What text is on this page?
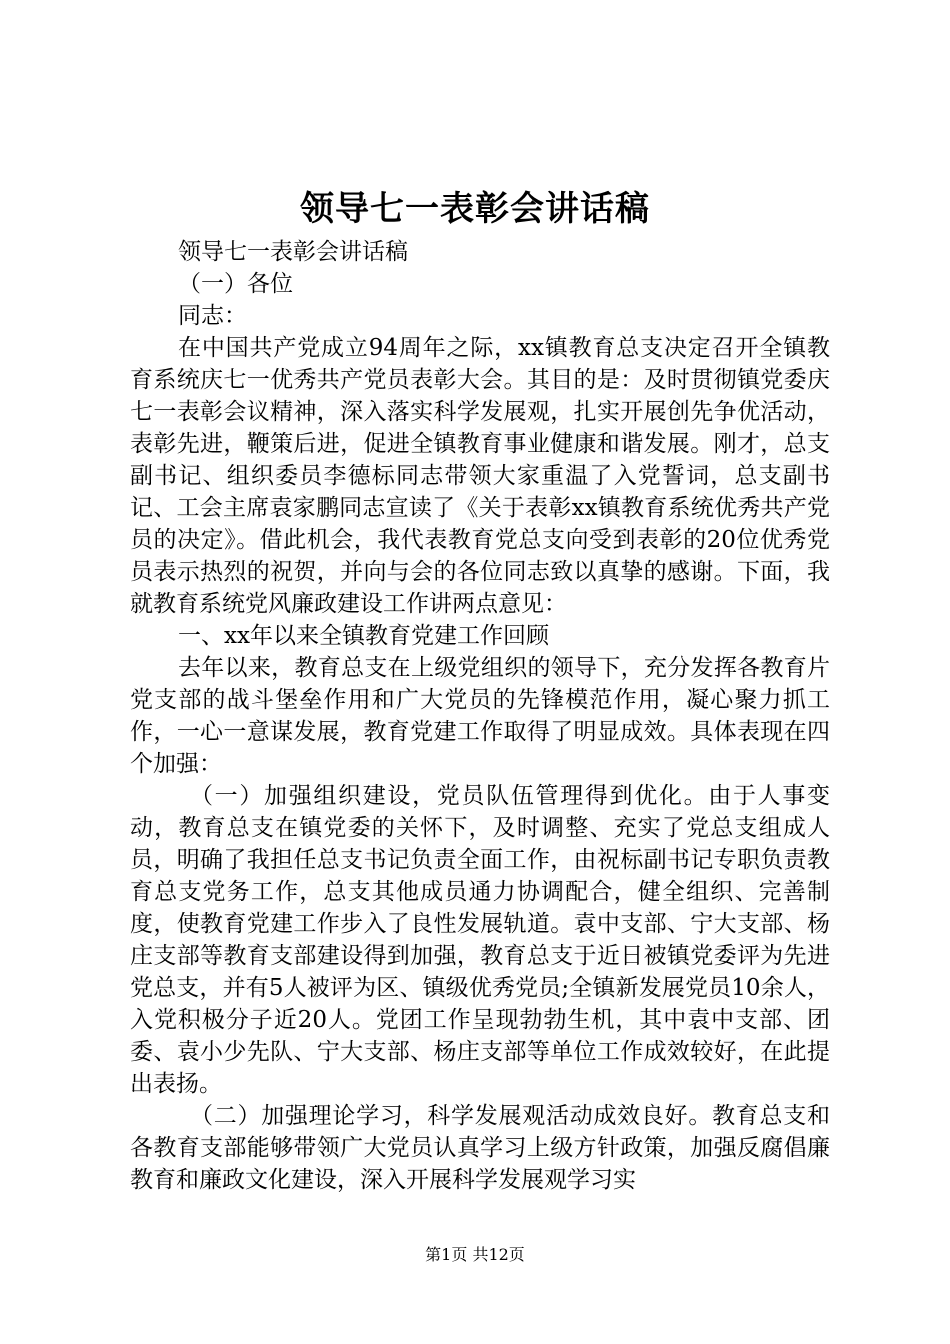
领导七一表彰会讲话稿

领导七一表彰会讲话稿

（一）各位

同志：

在中国共产党成立94周年之际，xx镇教育总支决定召开全镇教育系统庆七一优秀共产党员表彰大会。其目的是：及时贯彻镇党委庆七一表彰会议精神，深入落实科学发展观，扎实开展创先争优活动，表彰先进，鞭策后进，促进全镇教育事业健康和谐发展。刚才，总支副书记、组织委员李德标同志带领大家重温了入党誓词，总支副书记、工会主席袁家鹏同志宣读了《关于表彰xx镇教育系统优秀共产党员的决定》。借此机会，我代表教育党总支向受到表彰的20位优秀党员表示热烈的祝贺，并向与会的各位同志致以真挚的感谢。下面，我就教育系统党风廉政建设工作讲两点意见：

一、xx年以来全镇教育党建工作回顾

去年以来，教育总支在上级党组织的领导下，充分发挥各教育片党支部的战斗堡垒作用和广大党员的先锋模范作用，凝心聚力抓工作，一心一意谋发展，教育党建工作取得了明显成效。具体表现在四个加强：

（一）加强组织建设，党员队伍管理得到优化。由于人事变动，教育总支在镇党委的关怀下，及时调整、充实了党总支组成人员，明确了我担任总支书记负责全面工作，由祝标副书记专职负责教育总支党务工作，总支其他成员通力协调配合，健全组织、完善制度，使教育党建工作步入了良性发展轨道。袁中支部、宁大支部、杨庄支部等教育支部建设得到加强，教育总支于近日被镇党委评为先进党总支，并有5人被评为区、镇级优秀党员;全镇新发展党员10余人，入党积极分子近20人。党团工作呈现勃勃生机，其中袁中支部、团委、袁小少先队、宁大支部、杨庄支部等单位工作成效较好，在此提出表扬。

（二）加强理论学习，科学发展观活动成效良好。教育总支和各教育支部能够带领广大党员认真学习上级方针政策，加强反腐倡廉教育和廉政文化建设，深入开展科学发展观学习实

第1页 共12页
